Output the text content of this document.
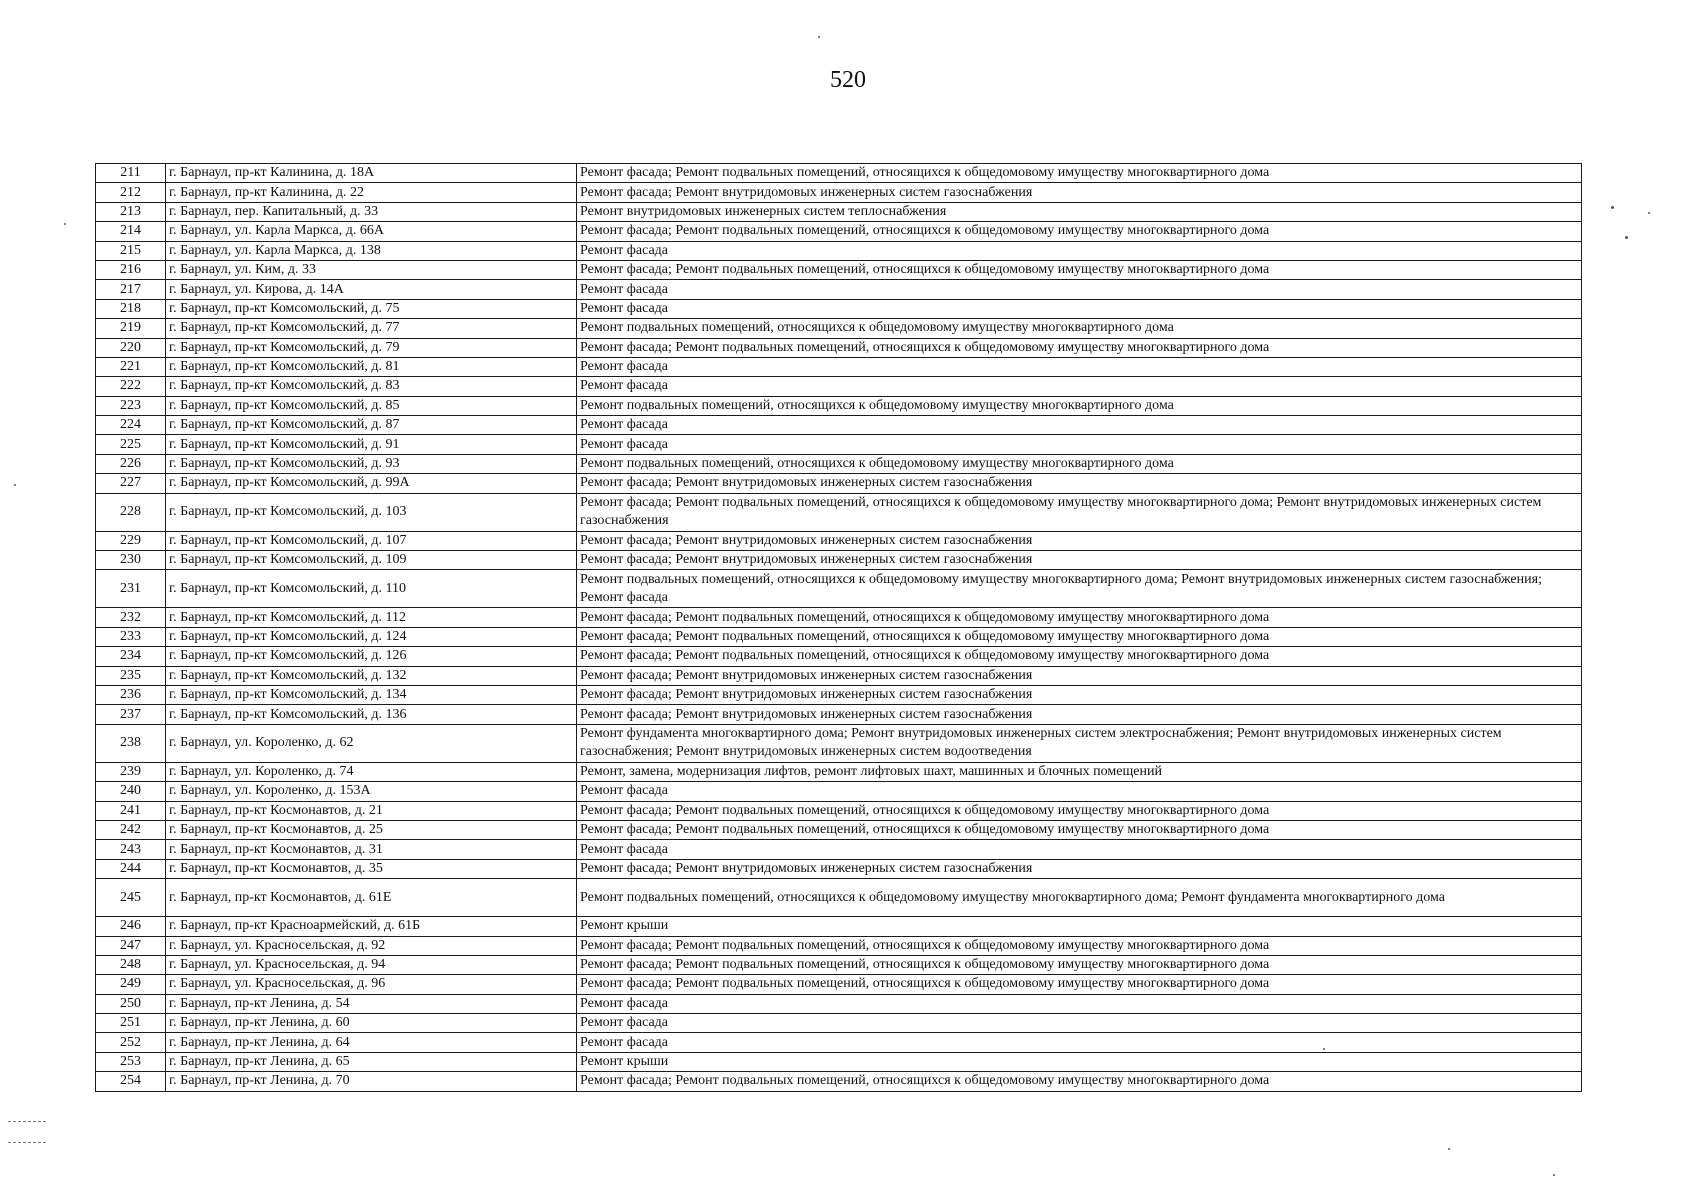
520
211	г. Барнаул, пр-кт Калинина, д. 18А	Ремонт фасада; Ремонт подвальных помещений, относящихся к общедомовому имуществу многоквартирного дома
212	г. Барнаул, пр-кт Калинина, д. 22	Ремонт фасада; Ремонт внутридомовых инженерных систем газоснабжения
213	г. Барнаул, пер. Капитальный, д. 33	Ремонт внутридомовых инженерных систем теплоснабжения
214	г. Барнаул, ул. Карла Маркса, д. 66А	Ремонт фасада; Ремонт подвальных помещений, относящихся к общедомовому имуществу многоквартирного дома
215	г. Барнаул, ул. Карла Маркса, д. 138	Ремонт фасада
216	г. Барнаул, ул. Ким, д. 33	Ремонт фасада; Ремонт подвальных помещений, относящихся к общедомовому имуществу многоквартирного дома
217	г. Барнаул, ул. Кирова, д. 14А	Ремонт фасада
218	г. Барнаул, пр-кт Комсомольский, д. 75	Ремонт фасада
219	г. Барнаул, пр-кт Комсомольский, д. 77	Ремонт подвальных помещений, относящихся к общедомовому имуществу многоквартирного дома
220	г. Барнаул, пр-кт Комсомольский, д. 79	Ремонт фасада; Ремонт подвальных помещений, относящихся к общедомовому имуществу многоквартирного дома
221	г. Барнаул, пр-кт Комсомольский, д. 81	Ремонт фасада
222	г. Барнаул, пр-кт Комсомольский, д. 83	Ремонт фасада
223	г. Барнаул, пр-кт Комсомольский, д. 85	Ремонт подвальных помещений, относящихся к общедомовому имуществу многоквартирного дома
224	г. Барнаул, пр-кт Комсомольский, д. 87	Ремонт фасада
225	г. Барнаул, пр-кт Комсомольский, д. 91	Ремонт фасада
226	г. Барнаул, пр-кт Комсомольский, д. 93	Ремонт подвальных помещений, относящихся к общедомовому имуществу многоквартирного дома
227	г. Барнаул, пр-кт Комсомольский, д. 99А	Ремонт фасада; Ремонт внутридомовых инженерных систем газоснабжения
228	г. Барнаул, пр-кт Комсомольский, д. 103	Ремонт фасада; Ремонт подвальных помещений, относящихся к общедомовому имуществу многоквартирного дома; Ремонт внутридомовых инженерных систем газоснабжения
229	г. Барнаул, пр-кт Комсомольский, д. 107	Ремонт фасада; Ремонт внутридомовых инженерных систем газоснабжения
230	г. Барнаул, пр-кт Комсомольский, д. 109	Ремонт фасада; Ремонт внутридомовых инженерных систем газоснабжения
231	г. Барнаул, пр-кт Комсомольский, д. 110	Ремонт подвальных помещений, относящихся к общедомовому имуществу многоквартирного дома; Ремонт внутридомовых инженерных систем газоснабжения; Ремонт фасада
232	г. Барнаул, пр-кт Комсомольский, д. 112	Ремонт фасада; Ремонт подвальных помещений, относящихся к общедомовому имуществу многоквартирного дома
233	г. Барнаул, пр-кт Комсомольский, д. 124	Ремонт фасада; Ремонт подвальных помещений, относящихся к общедомовому имуществу многоквартирного дома
234	г. Барнаул, пр-кт Комсомольский, д. 126	Ремонт фасада; Ремонт подвальных помещений, относящихся к общедомовому имуществу многоквартирного дома
235	г. Барнаул, пр-кт Комсомольский, д. 132	Ремонт фасада; Ремонт внутридомовых инженерных систем газоснабжения
236	г. Барнаул, пр-кт Комсомольский, д. 134	Ремонт фасада; Ремонт внутридомовых инженерных систем газоснабжения
237	г. Барнаул, пр-кт Комсомольский, д. 136	Ремонт фасада; Ремонт внутридомовых инженерных систем газоснабжения
238	г. Барнаул, ул. Короленко, д. 62	Ремонт фундамента многоквартирного дома; Ремонт внутридомовых инженерных систем электроснабжения; Ремонт внутридомовых инженерных систем газоснабжения; Ремонт внутридомовых инженерных систем водоотведения
239	г. Барнаул, ул. Короленко, д. 74	Ремонт, замена, модернизация лифтов, ремонт лифтовых шахт, машинных и блочных помещений
240	г. Барнаул, ул. Короленко, д. 153А	Ремонт фасада
241	г. Барнаул, пр-кт Космонавтов, д. 21	Ремонт фасада; Ремонт подвальных помещений, относящихся к общедомовому имуществу многоквартирного дома
242	г. Барнаул, пр-кт Космонавтов, д. 25	Ремонт фасада; Ремонт подвальных помещений, относящихся к общедомовому имуществу многоквартирного дома
243	г. Барнаул, пр-кт Космонавтов, д. 31	Ремонт фасада
244	г. Барнаул, пр-кт Космонавтов, д. 35	Ремонт фасада; Ремонт внутридомовых инженерных систем газоснабжения
245	г. Барнаул, пр-кт Космонавтов, д. 61Е	Ремонт подвальных помещений, относящихся к общедомовому имуществу многоквартирного дома; Ремонт фундамента многоквартирного дома
246	г. Барнаул, пр-кт Красноармейский, д. 61Б	Ремонт крыши
247	г. Барнаул, ул. Красносельская, д. 92	Ремонт фасада; Ремонт подвальных помещений, относящихся к общедомовому имуществу многоквартирного дома
248	г. Барнаул, ул. Красносельская, д. 94	Ремонт фасада; Ремонт подвальных помещений, относящихся к общедомовому имуществу многоквартирного дома
249	г. Барнаул, ул. Красносельская, д. 96	Ремонт фасада; Ремонт подвальных помещений, относящихся к общедомовому имуществу многоквартирного дома
250	г. Барнаул, пр-кт Ленина, д. 54	Ремонт фасада
251	г. Барнаул, пр-кт Ленина, д. 60	Ремонт фасада
252	г. Барнаул, пр-кт Ленина, д. 64	Ремонт фасада
253	г. Барнаул, пр-кт Ленина, д. 65	Ремонт крыши
254	г. Барнаул, пр-кт Ленина, д. 70	Ремонт фасада; Ремонт подвальных помещений, относящихся к общедомовому имуществу многоквартирного дома
